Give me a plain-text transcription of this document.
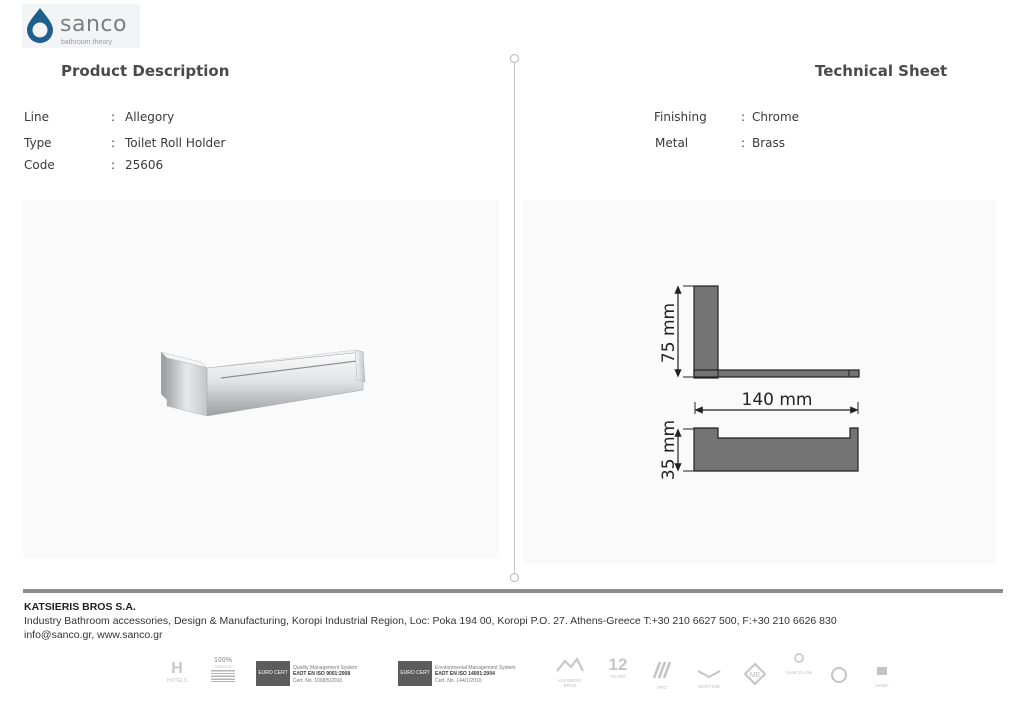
sanco
bathroom theory
Product Description	Technical Sheet
Line	: Allegory
Type	: Toilet Roll Holder
Code	: 25606
Finishing	: Chrome
Metal	: Brass
75 mm
140 mm
35 mm
KATSIERIS BROS S.A.
Industry Bathroom accessories, Design & Manufacturing, Koropi Industrial Region, Loc: Poka 194 00, Koropi P.O. 27. Athens-Greece T:+30 210 6627 500, F:+30 210 6626 830
info@sanco.gr, www.sanco.gr
H
HOTELS
100%
GREECE
EURO CERT
Quality Management System
ΕΛΟΤ EN ISO 9001:2008
Cert. No. 1068/5/2010
EURO CERT
Environmental Management System
ΕΛΟΤ EN ISO 14001:2004
Cert. No. 144/1/2010	KATSIERIS BROS
12
YEARS
PRO	MARITIME
ME	SANCO LAB
NANO
